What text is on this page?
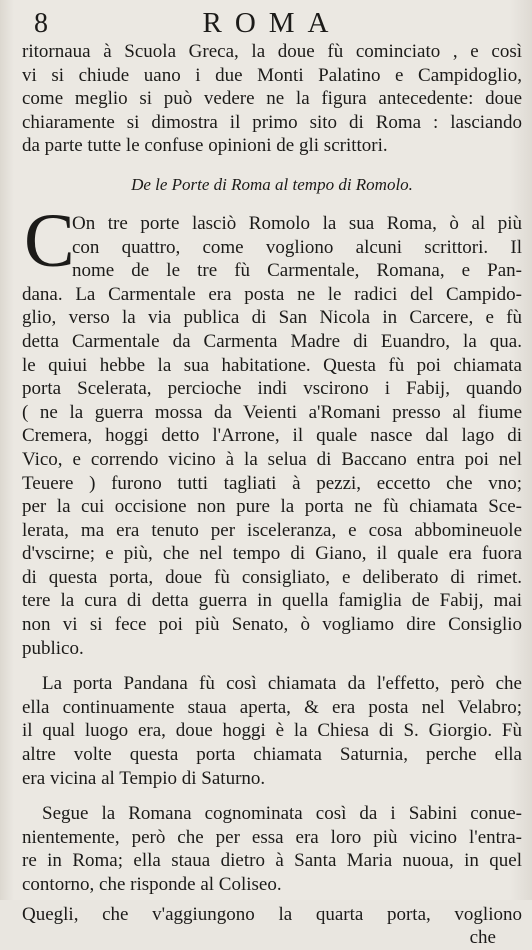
8	ROMA
ritornaua à Scuola Greca, la doue fù cominciato , e così
vi si chiude uano i due Monti Palatino e Campidoglio,
come meglio si può vedere ne la figura antecedente: doue
chiaramente si dimostra il primo sito di Roma : lasciando
da parte tutte le confuse opinioni de gli scrittori.
De le Porte di Roma al tempo di Romolo.
C
On tre porte lasciò Romolo la sua Roma, ò al più
con quattro, come vogliono alcuni scrittori. Il
nome de le tre fù Carmentale, Romana, e Pan-
dana. La Carmentale era posta ne le radici del Campido-
glio, verso la via publica di San Nicola in Carcere, e fù
detta Carmentale da Carmenta Madre di Euandro, la qua.
le quiui hebbe la sua habitatione. Questa fù poi chiamata
porta Scelerata, percioche indi vscirono i Fabij, quando
( ne la guerra mossa da Veienti a'Romani presso al fiume
Cremera, hoggi detto l'Arrone, il quale nasce dal lago di
Vico, e correndo vicino à la selua di Baccano entra poi nel
Teuere ) furono tutti tagliati à pezzi, eccetto che vno;
per la cui occisione non pure la porta ne fù chiamata Sce-
lerata, ma era tenuto per isceleranza, e cosa abbomineuole
d'vscirne; e più, che nel tempo di Giano, il quale era fuora
di questa porta, doue fù consigliato, e deliberato di rimet.
tere la cura di detta guerra in quella famiglia de Fabij, mai
non vi si fece poi più Senato, ò vogliamo dire Consiglio
publico.
La porta Pandana fù così chiamata da l'effetto, però che
ella continuamente staua aperta, & era posta nel Velabro;
il qual luogo era, doue hoggi è la Chiesa di S. Giorgio. Fù
altre volte questa porta chiamata Saturnia, perche ella
era vicina al Tempio di Saturno.
Segue la Romana cognominata così da i Sabini conue-
nientemente, però che per essa era loro più vicino l'entra-
re in Roma; ella staua dietro à Santa Maria nuoua, in quel
contorno, che risponde al Coliseo.
Quegli, che v'aggiungono la quarta porta, vogliono
che
